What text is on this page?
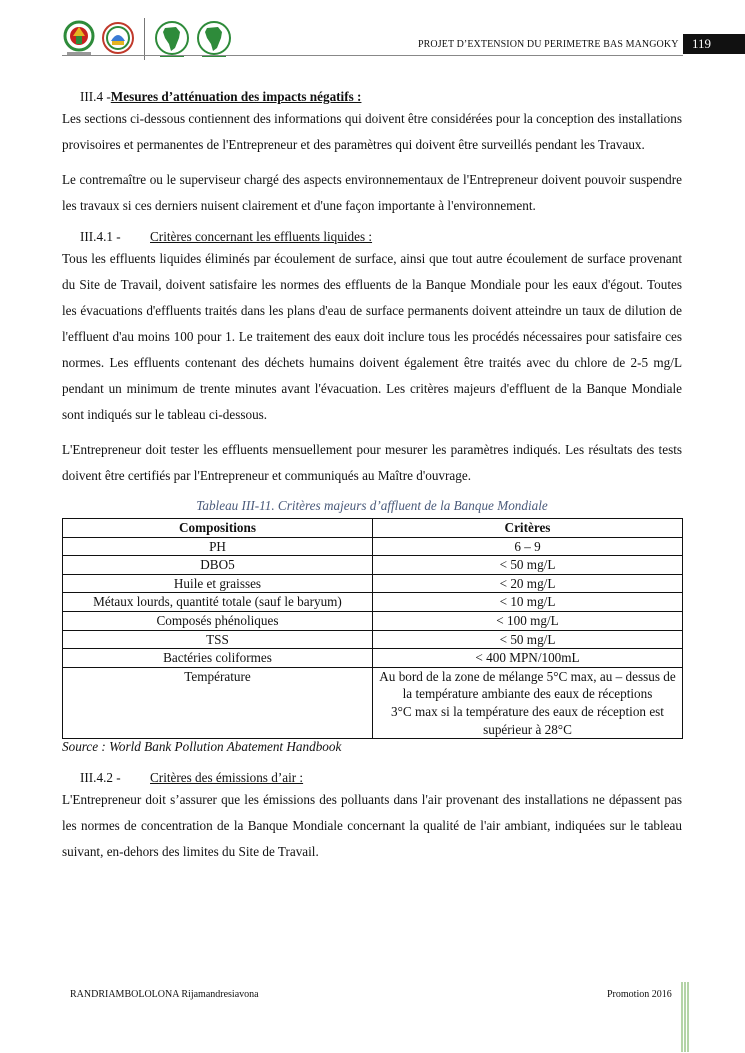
PROJET D’EXTENSION DU PERIMETRE BAS MANGOKY	119
III.4 -Mesures d’atténuation des impacts négatifs :

Les sections ci-dessous contiennent des informations qui doivent être considérées pour la conception des installations provisoires et permanentes de l'Entrepreneur et des paramètres qui doivent être surveillés pendant les Travaux.

Le contremaître ou le superviseur chargé des aspects environnementaux de l'Entrepreneur doivent pouvoir suspendre les travaux si ces derniers nuisent clairement et d'une façon importante à l'environnement.

III.4.1 - Critères concernant les effluents liquides :

Tous les effluents liquides éliminés par écoulement de surface, ainsi que tout autre écoulement de surface provenant du Site de Travail, doivent satisfaire les normes des effluents de la Banque Mondiale pour les eaux d'égout. Toutes les évacuations d'effluents traités dans les plans d'eau de surface permanents doivent atteindre un taux de dilution de l'effluent d'au moins 100 pour 1. Le traitement des eaux doit inclure tous les procédés nécessaires pour satisfaire ces normes. Les effluents contenant des déchets humains doivent également être traités avec du chlore de 2-5 mg/L pendant un minimum de trente minutes avant l'évacuation. Les critères majeurs d'effluent de la Banque Mondiale sont indiqués sur le tableau ci-dessous.

L'Entrepreneur doit tester les effluents mensuellement pour mesurer les paramètres indiqués. Les résultats des tests doivent être certifiés par l'Entrepreneur et communiqués au Maître d'ouvrage.

Tableau III-11. Critères majeurs d’affluent de la Banque Mondiale
Compositions	Critères
PH	6 – 9
DBO5	< 50 mg/L
Huile et graisses	< 20 mg/L
Métaux lourds, quantité totale (sauf le baryum)	< 10 mg/L
Composés phénoliques	< 100 mg/L
TSS	< 50 mg/L
Bactéries coliformes	< 400 MPN/100mL
Température	Au bord de la zone de mélange 5°C max, au – dessus de la température ambiante des eaux de réceptions
3°C max si la température des eaux de réception est supérieur à 28°C
Source : World Bank Pollution Abatement Handbook
III.4.2 - Critères des émissions d’air :

L'Entrepreneur doit s’assurer que les émissions des polluants dans l'air provenant des installations ne dépassent pas les normes de concentration de la Banque Mondiale concernant la qualité de l'air ambiant, indiquées sur le tableau suivant, en-dehors des limites du Site de Travail.

RANDRIAMBOLOLONA Rijamandresiavona	Promotion 2016
